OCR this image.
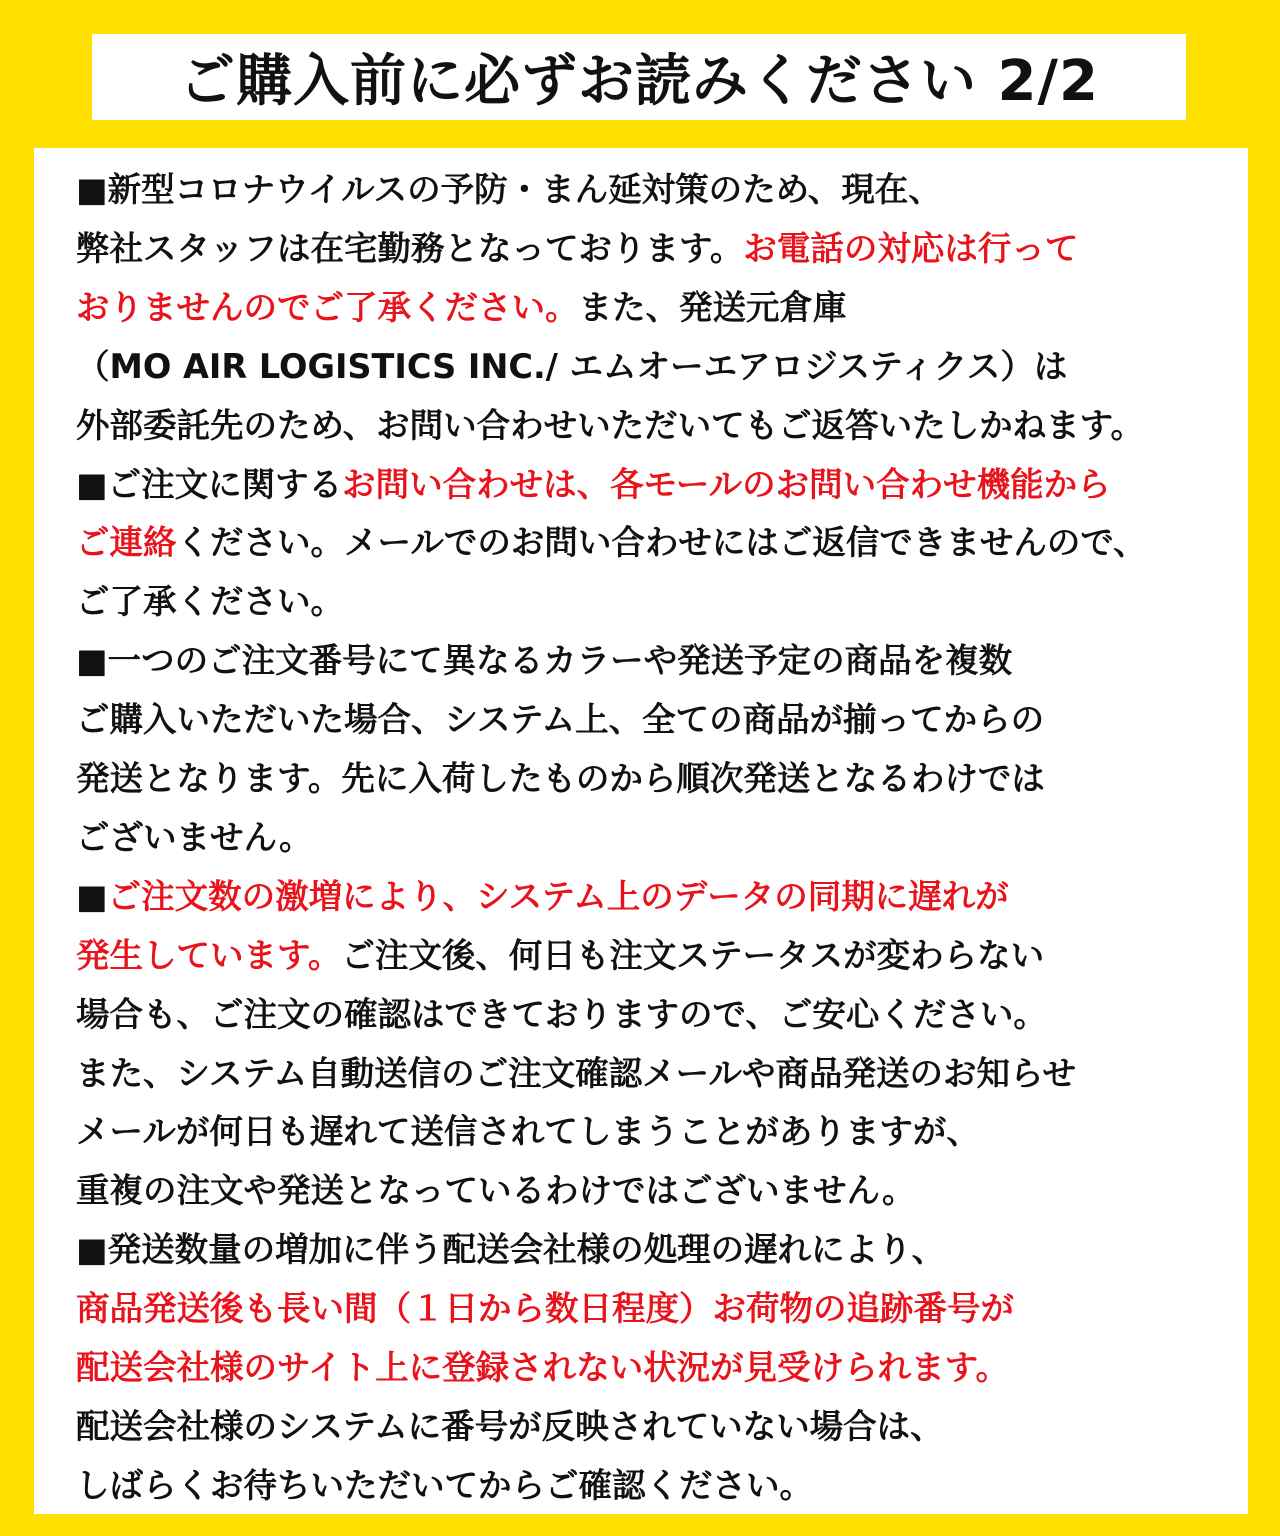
ご購入前に必ずお読みください 2/2
■新型コロナウイルスの予防・まん延対策のため、現在、
弊社スタッフは在宅勤務となっております。お電話の対応は行って
おりませんのでご了承ください。また、発送元倉庫
（MO AIR LOGISTICS INC./ エムオーエアロジスティクス）は
外部委託先のため、お問い合わせいただいてもご返答いたしかねます。
■ご注文に関するお問い合わせは、各モールのお問い合わせ機能から
ご連絡ください。メールでのお問い合わせにはご返信できませんので、
ご了承ください。
■一つのご注文番号にて異なるカラーや発送予定の商品を複数
ご購入いただいた場合、システム上、全ての商品が揃ってからの
発送となります。先に入荷したものから順次発送となるわけでは
ございません。
■ご注文数の激増により、システム上のデータの同期に遅れが
発生しています。ご注文後、何日も注文ステータスが変わらない
場合も、ご注文の確認はできておりますので、ご安心ください。
また、システム自動送信のご注文確認メールや商品発送のお知らせ
メールが何日も遅れて送信されてしまうことがありますが、
重複の注文や発送となっているわけではございません。
■発送数量の増加に伴う配送会社様の処理の遅れにより、
商品発送後も長い間（１日から数日程度）お荷物の追跡番号が
配送会社様のサイト上に登録されない状況が見受けられます。
配送会社様のシステムに番号が反映されていない場合は、
しばらくお待ちいただいてからご確認ください。
